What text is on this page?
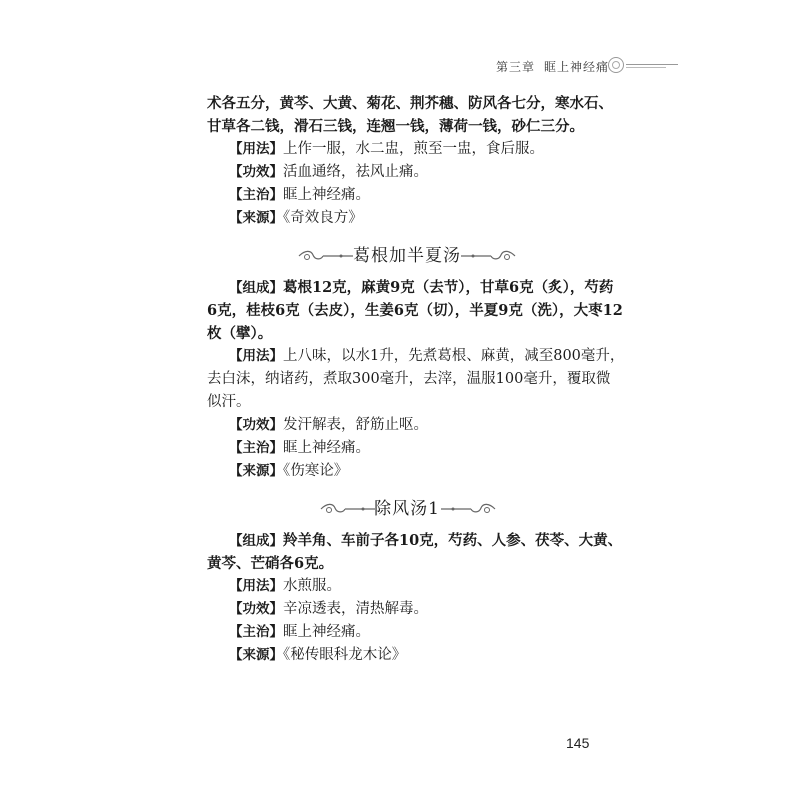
第三章 眶上神经痛
术各五分，黄芩、大黄、菊花、荆芥穗、防风各七分，寒水石、
甘草各二钱，滑石三钱，连翘一钱，薄荷一钱，砂仁三分。
【用法】上作一服，水二盅，煎至一盅，食后服。
【功效】活血通络，祛风止痛。
【主治】眶上神经痛。
【来源】《奇效良方》
葛根加半夏汤
【组成】葛根12克，麻黄9克（去节），甘草6克（炙），芍药
6克，桂枝6克（去皮），生姜6克（切），半夏9克（洗），大枣12
枚（擘）。
【用法】上八味，以水1升，先煮葛根、麻黄，减至800毫升，
去白沫，纳诸药，煮取300毫升，去滓，温服100毫升，覆取微
似汗。
【功效】发汗解表，舒筋止呕。
【主治】眶上神经痛。
【来源】《伤寒论》
除风汤1
【组成】羚羊角、车前子各10克，芍药、人参、茯苓、大黄、
黄芩、芒硝各6克。
【用法】水煎服。
【功效】辛凉透表，清热解毒。
【主治】眶上神经痛。
【来源】《秘传眼科龙木论》
145
